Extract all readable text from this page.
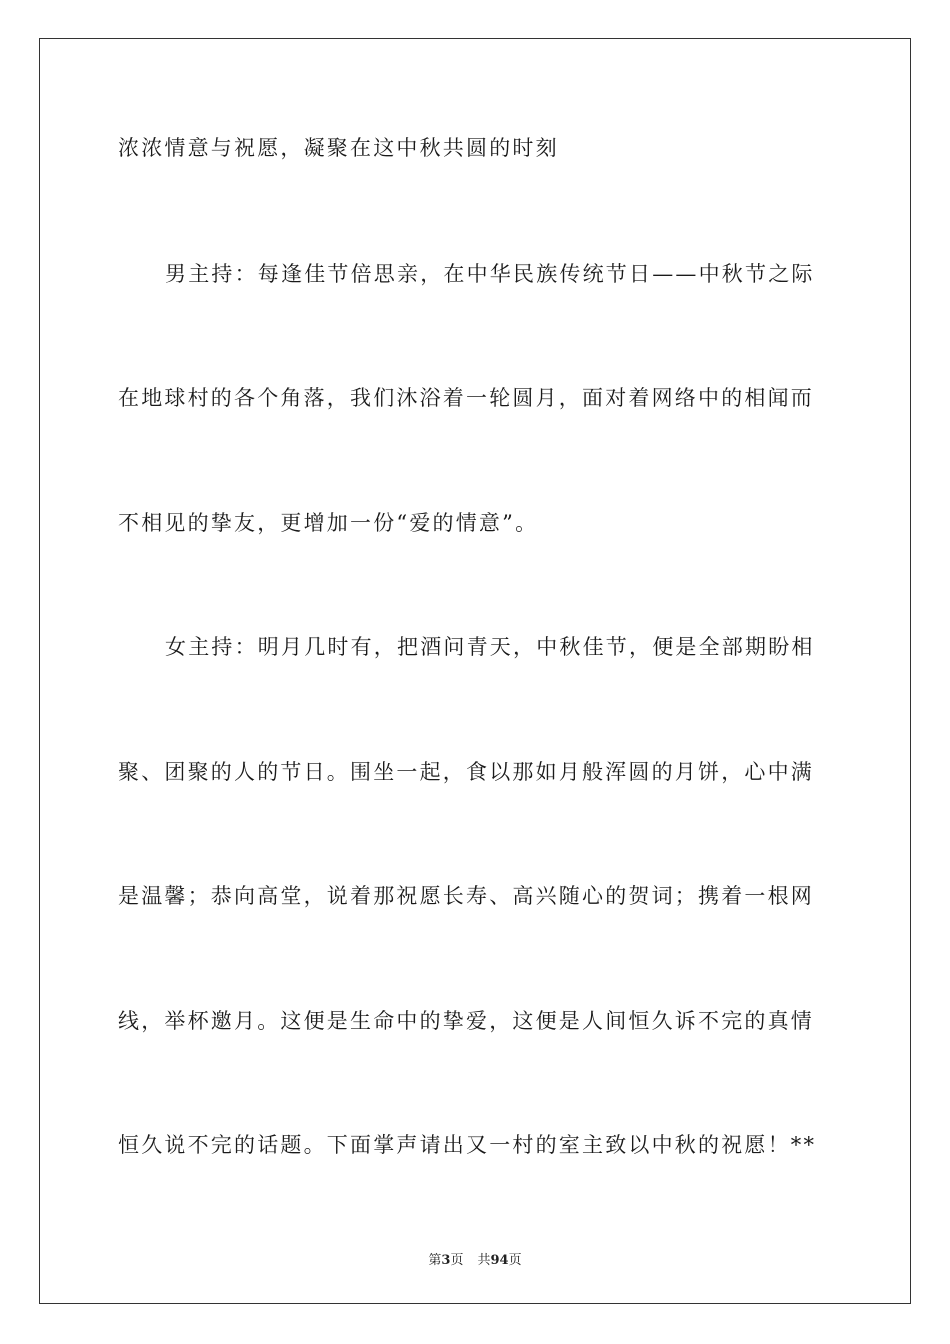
浓浓情意与祝愿，凝聚在这中秋共圆的时刻
男主持：每逢佳节倍思亲，在中华民族传统节日——中秋节之际
在地球村的各个角落，我们沐浴着一轮圆月，面对着网络中的相闻而
不相见的挚友，更增加一份“爱的情意”。
女主持：明月几时有，把酒问青天，中秋佳节，便是全部期盼相
聚、团聚的人的节日。围坐一起，食以那如月般浑圆的月饼，心中满
是温馨；恭向高堂，说着那祝愿长寿、高兴随心的贺词；携着一根网
线，举杯邀月。这便是生命中的挚爱，这便是人间恒久诉不完的真情
恒久说不完的话题。下面掌声请出又一村的室主致以中秋的祝愿！**
第3页 共94页
